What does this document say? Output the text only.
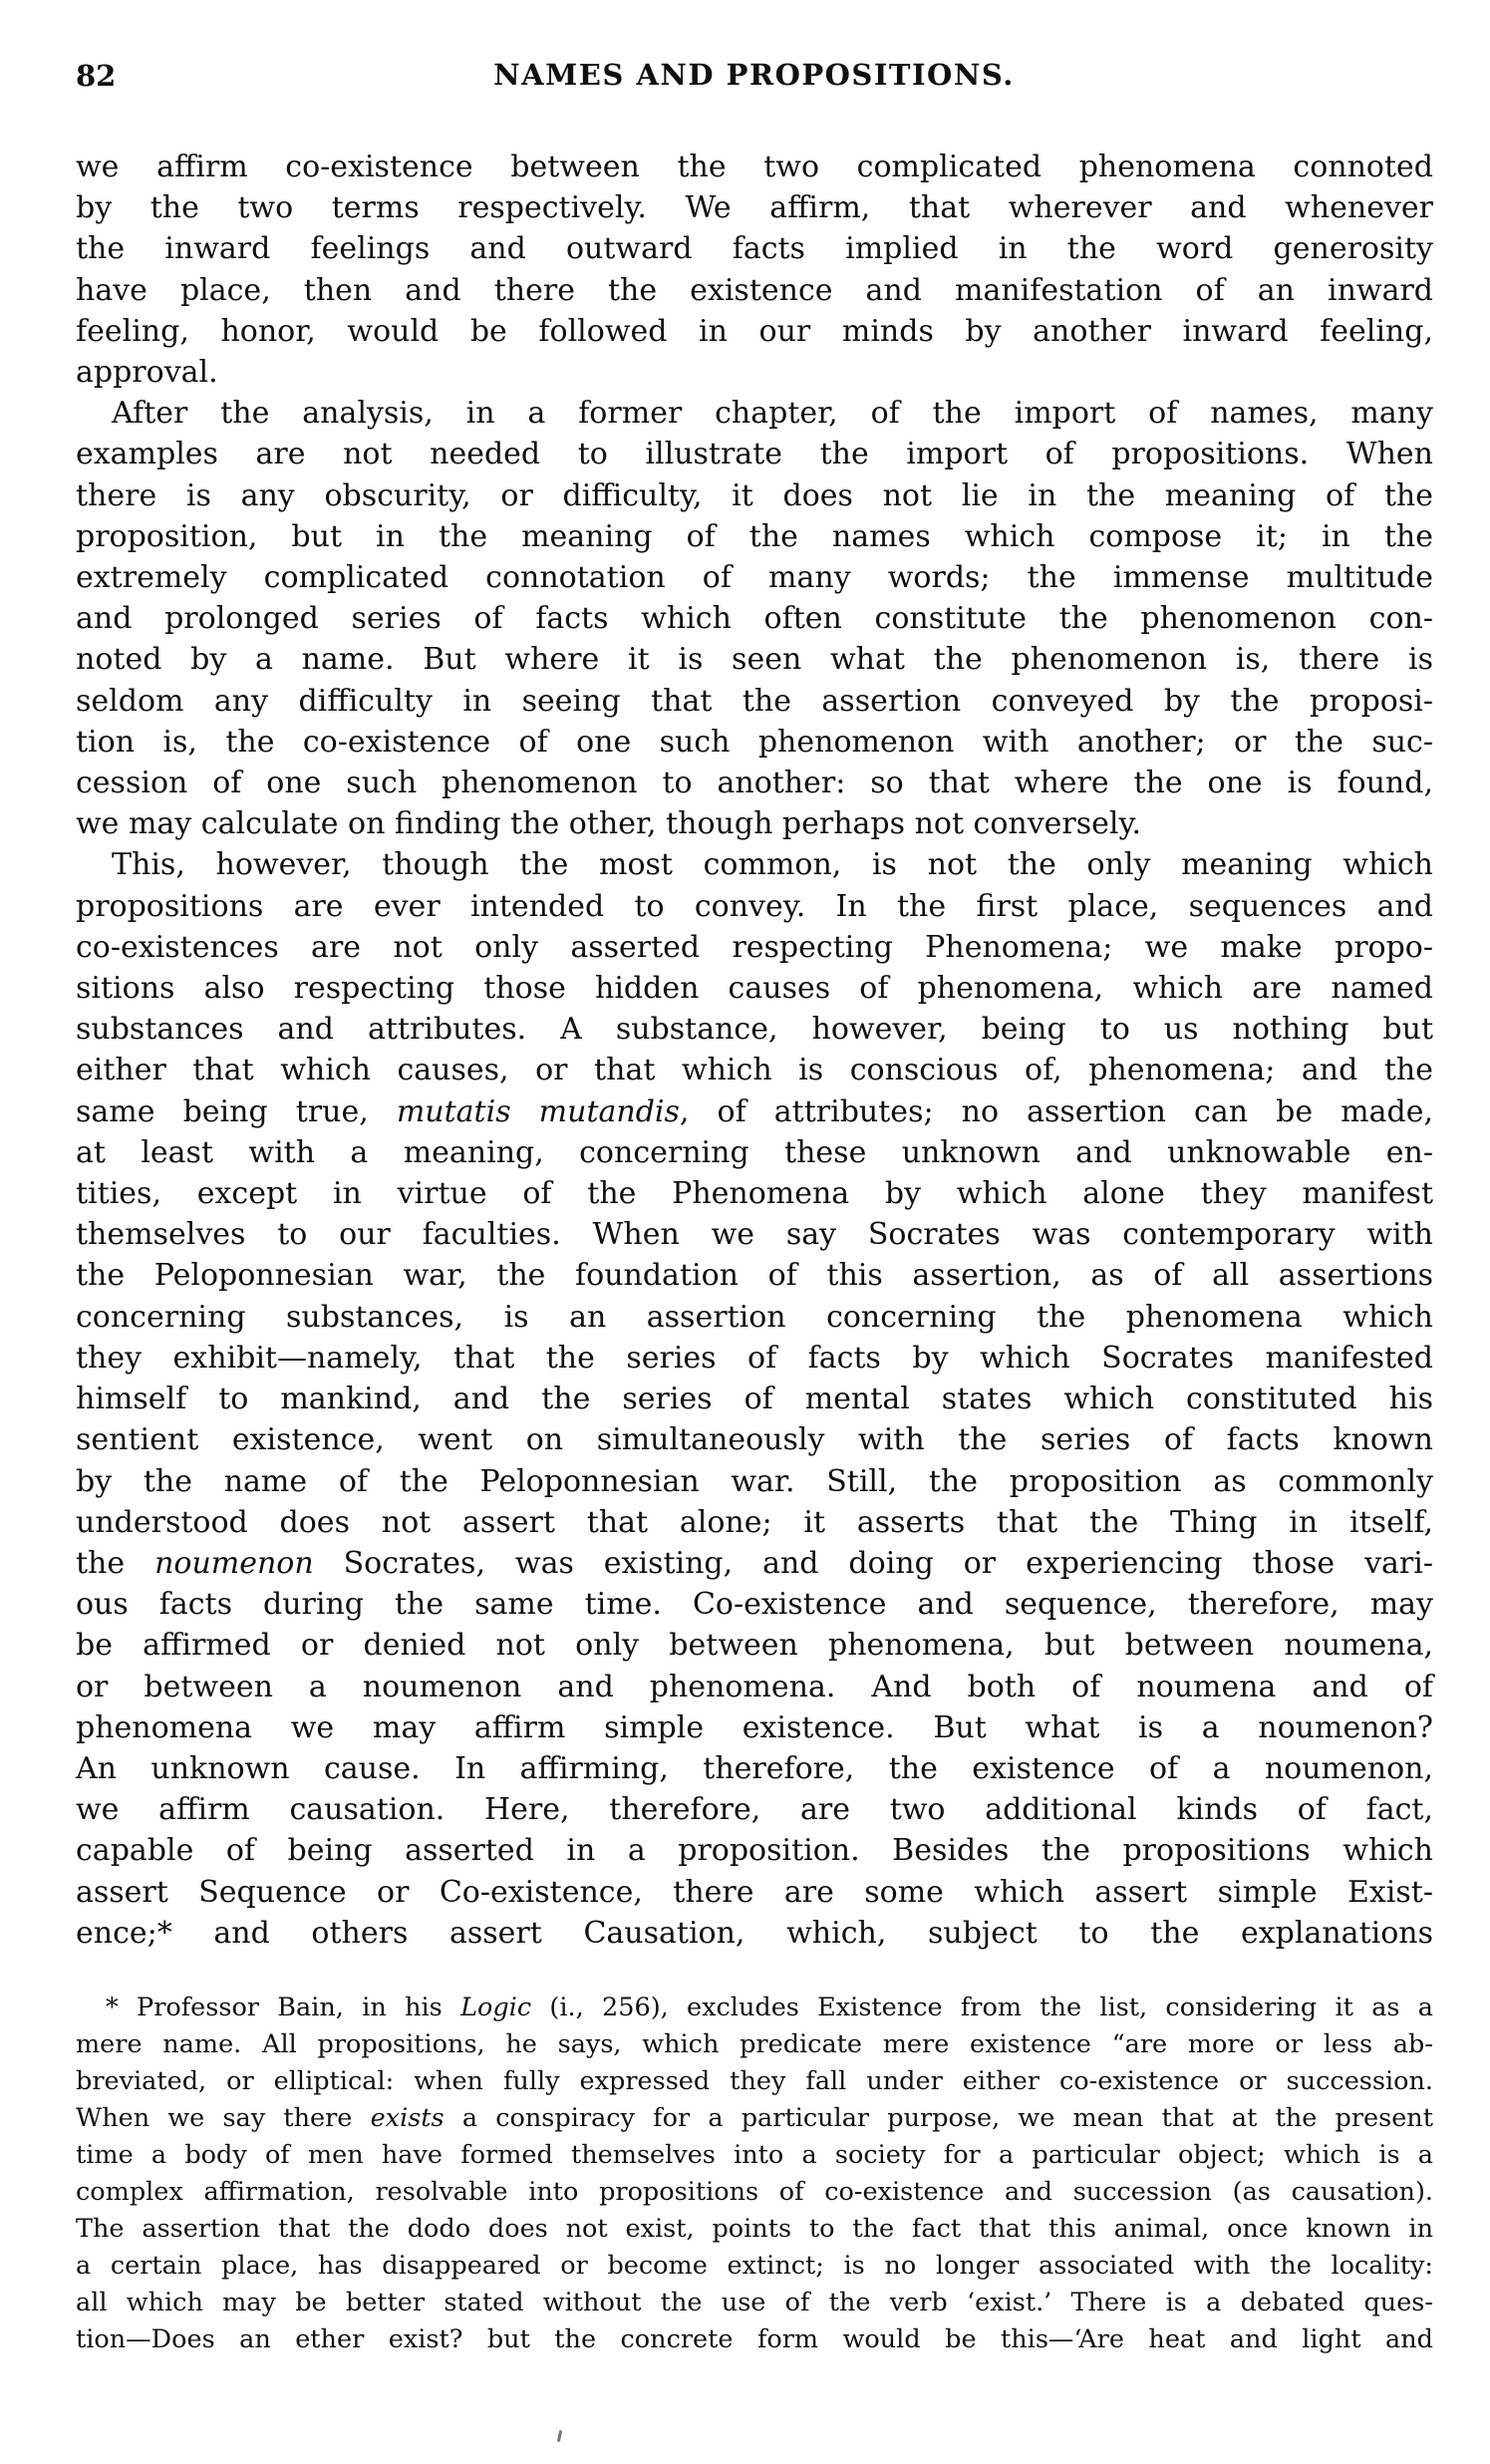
82	NAMES AND PROPOSITIONS.
we affirm co-existence between the two complicated phenomena connoted
by the two terms respectively. We affirm, that wherever and whenever
the inward feelings and outward facts implied in the word generosity
have place, then and there the existence and manifestation of an inward
feeling, honor, would be followed in our minds by another inward feeling,
approval.
After the analysis, in a former chapter, of the import of names, many
examples are not needed to illustrate the import of propositions. When
there is any obscurity, or difficulty, it does not lie in the meaning of the
proposition, but in the meaning of the names which compose it; in the
extremely complicated connotation of many words; the immense multitude
and prolonged series of facts which often constitute the phenomenon con-
noted by a name. But where it is seen what the phenomenon is, there is
seldom any difficulty in seeing that the assertion conveyed by the proposi-
tion is, the co-existence of one such phenomenon with another; or the suc-
cession of one such phenomenon to another: so that where the one is found,
we may calculate on finding the other, though perhaps not conversely.
This, however, though the most common, is not the only meaning which
propositions are ever intended to convey. In the first place, sequences and
co-existences are not only asserted respecting Phenomena; we make propo-
sitions also respecting those hidden causes of phenomena, which are named
substances and attributes. A substance, however, being to us nothing but
either that which causes, or that which is conscious of, phenomena; and the
same being true, mutatis mutandis, of attributes; no assertion can be made,
at least with a meaning, concerning these unknown and unknowable en-
tities, except in virtue of the Phenomena by which alone they manifest
themselves to our faculties. When we say Socrates was contemporary with
the Peloponnesian war, the foundation of this assertion, as of all assertions
concerning substances, is an assertion concerning the phenomena which
they exhibit—namely, that the series of facts by which Socrates manifested
himself to mankind, and the series of mental states which constituted his
sentient existence, went on simultaneously with the series of facts known
by the name of the Peloponnesian war. Still, the proposition as commonly
understood does not assert that alone; it asserts that the Thing in itself,
the noumenon Socrates, was existing, and doing or experiencing those vari-
ous facts during the same time. Co-existence and sequence, therefore, may
be affirmed or denied not only between phenomena, but between noumena,
or between a noumenon and phenomena. And both of noumena and of
phenomena we may affirm simple existence. But what is a noumenon?
An unknown cause. In affirming, therefore, the existence of a noumenon,
we affirm causation. Here, therefore, are two additional kinds of fact,
capable of being asserted in a proposition. Besides the propositions which
assert Sequence or Co-existence, there are some which assert simple Exist-
ence;* and others assert Causation, which, subject to the explanations
* Professor Bain, in his Logic (i., 256), excludes Existence from the list, considering it as a
mere name. All propositions, he says, which predicate mere existence “are more or less ab-
breviated, or elliptical: when fully expressed they fall under either co-existence or succession.
When we say there exists a conspiracy for a particular purpose, we mean that at the present
time a body of men have formed themselves into a society for a particular object; which is a
complex affirmation, resolvable into propositions of co-existence and succession (as causation).
The assertion that the dodo does not exist, points to the fact that this animal, once known in
a certain place, has disappeared or become extinct; is no longer associated with the locality:
all which may be better stated without the use of the verb ‘exist.’ There is a debated ques-
tion—Does an ether exist? but the concrete form would be this—‘Are heat and light and
